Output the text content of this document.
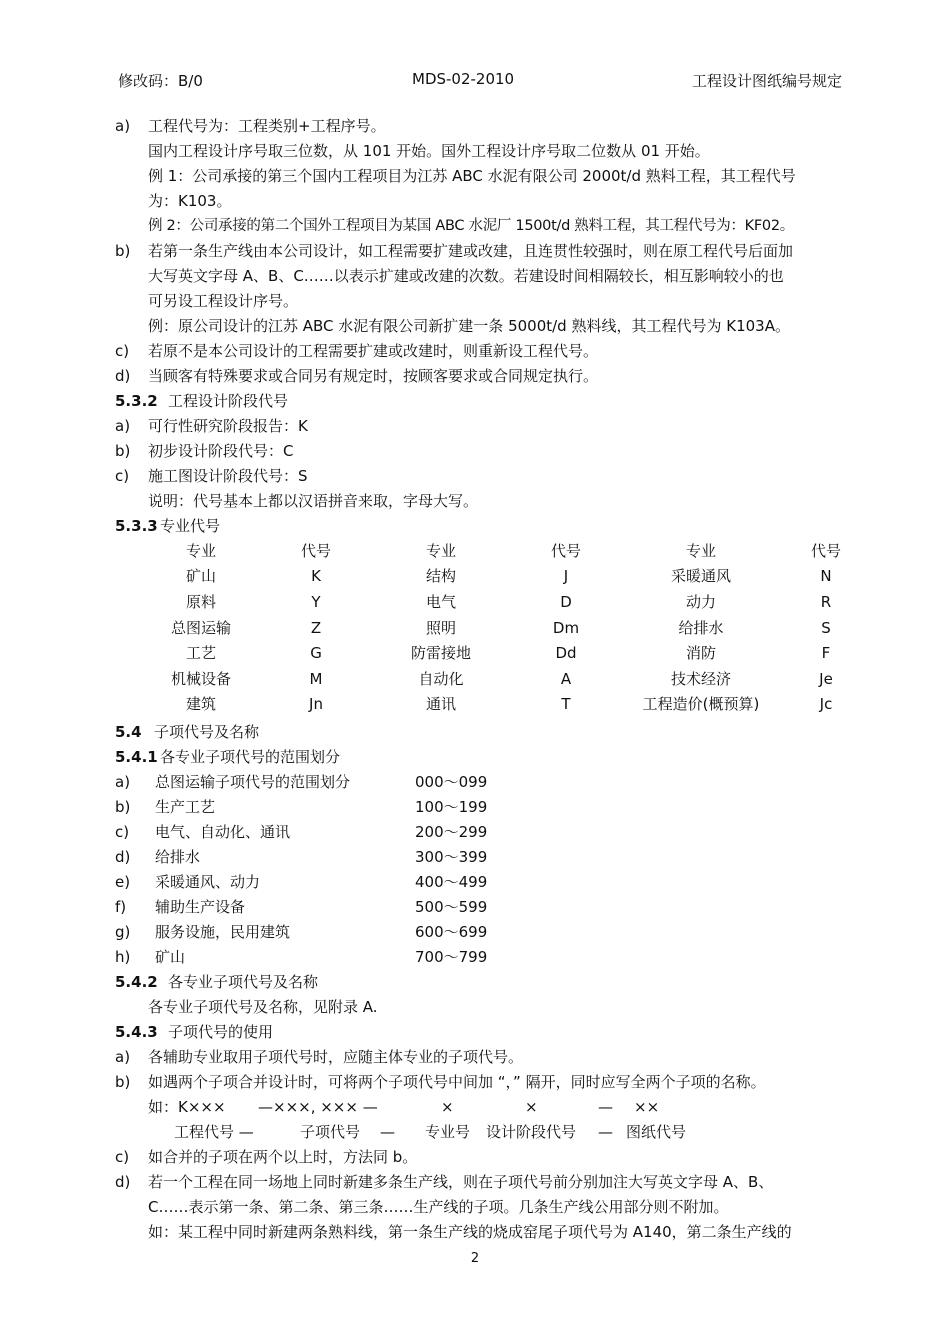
修改码：B/0	MDS-02-2010	工程设计图纸编号规定
a) 工程代号为：工程类别+工程序号。
国内工程设计序号取三位数，从 101 开始。国外工程设计序号取二位数从 01 开始。
例 1：公司承接的第三个国内工程项目为江苏 ABC 水泥有限公司 2000t/d 熟料工程，其工程代号
为：K103。
例 2：公司承接的第二个国外工程项目为某国 ABC 水泥厂 1500t/d 熟料工程，其工程代号为：KF02。
b) 若第一条生产线由本公司设计，如工程需要扩建或改建，且连贯性较强时，则在原工程代号后面加
大写英文字母 A、B、C……以表示扩建或改建的次数。若建设时间相隔较长，相互影响较小的也
可另设工程设计序号。
例：原公司设计的江苏 ABC 水泥有限公司新扩建一条 5000t/d 熟料线，其工程代号为 K103A。
c) 若原不是本公司设计的工程需要扩建或改建时，则重新设工程代号。
d) 当顾客有特殊要求或合同另有规定时，按顾客要求或合同规定执行。
5.3.2 工程设计阶段代号
a) 可行性研究阶段报告：K
b) 初步设计阶段代号：C
c) 施工图设计阶段代号：S
说明：代号基本上都以汉语拼音来取，字母大写。
5.3.3 专业代号
专业	代号	专业	代号	专业	代号
矿山	K	结构	J	采暖通风	N
原料	Y	电气	D	动力	R
总图运输	Z	照明	Dm	给排水	S
工艺	G	防雷接地	Dd	消防	F
机械设备	M	自动化	A	技术经济	Je
建筑	Jn	通讯	T	工程造价(概预算)	Jc
5.4 子项代号及名称
5.4.1 各专业子项代号的范围划分
a) 总图运输子项代号的范围划分	000～099
b) 生产工艺	100～199
c) 电气、自动化、通讯	200～299
d) 给排水	300～399
e) 采暖通风、动力	400～499
f) 辅助生产设备	500～599
g) 服务设施，民用建筑	600～699
h) 矿山	700～799
5.4.2 各专业子项代号及名称
各专业子项代号及名称，见附录 A.
5.4.3 子项代号的使用
a) 各辅助专业取用子项代号时，应随主体专业的子项代号。
b) 如遇两个子项合并设计时，可将两个子项代号中间加 “，” 隔开，同时应写全两个子项的名称。
如：K××× —×××, ××× —	×	×	— ××
工程代号 —	子项代号 — 专业号 设计阶段代号 — 图纸代号
c) 如合并的子项在两个以上时，方法同 b。
d) 若一个工程在同一场地上同时新建多条生产线，则在子项代号前分别加注大写英文字母 A、B、
C……表示第一条、第二条、第三条……生产线的子项。几条生产线公用部分则不附加。
如：某工程中同时新建两条熟料线，第一条生产线的烧成窑尾子项代号为 A140，第二条生产线的
2
